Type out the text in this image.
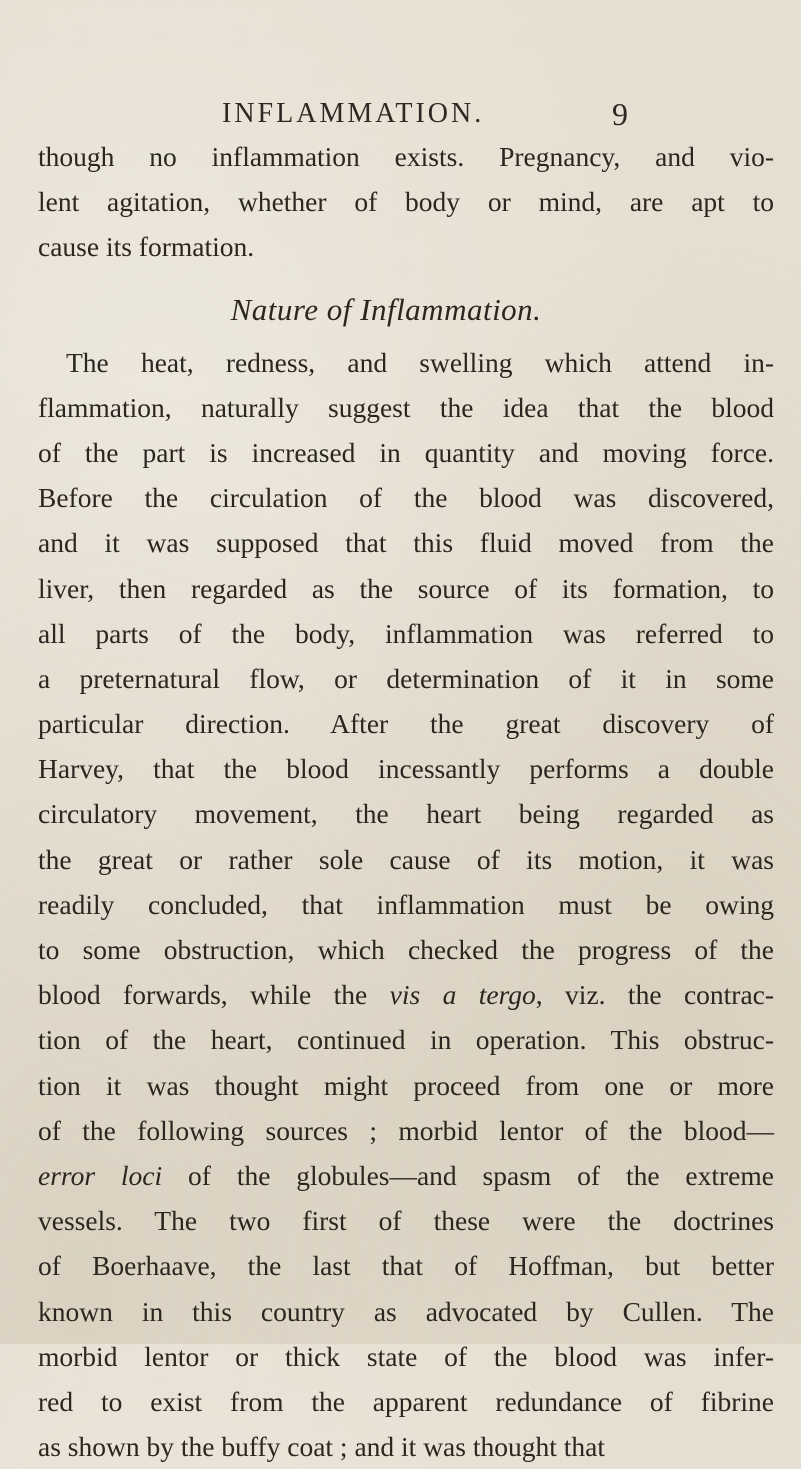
INFLAMMATION.	9
though no inflammation exists. Pregnancy, and vio-
lent agitation, whether of body or mind, are apt to
cause its formation.
Nature of Inflammation.
The heat, redness, and swelling which attend in-
flammation, naturally suggest the idea that the blood
of the part is increased in quantity and moving force.
Before the circulation of the blood was discovered,
and it was supposed that this fluid moved from the
liver, then regarded as the source of its formation, to
all parts of the body, inflammation was referred to
a preternatural flow, or determination of it in some
particular direction. After the great discovery of
Harvey, that the blood incessantly performs a double
circulatory movement, the heart being regarded as
the great or rather sole cause of its motion, it was
readily concluded, that inflammation must be owing
to some obstruction, which checked the progress of the
blood forwards, while the vis a tergo, viz. the contrac-
tion of the heart, continued in operation. This obstruc-
tion it was thought might proceed from one or more
of the following sources ; morbid lentor of the blood—
error loci of the globules—and spasm of the extreme
vessels. The two first of these were the doctrines
of Boerhaave, the last that of Hoffman, but better
known in this country as advocated by Cullen. The
morbid lentor or thick state of the blood was infer-
red to exist from the apparent redundance of fibrine
as shown by the buffy coat ; and it was thought that
